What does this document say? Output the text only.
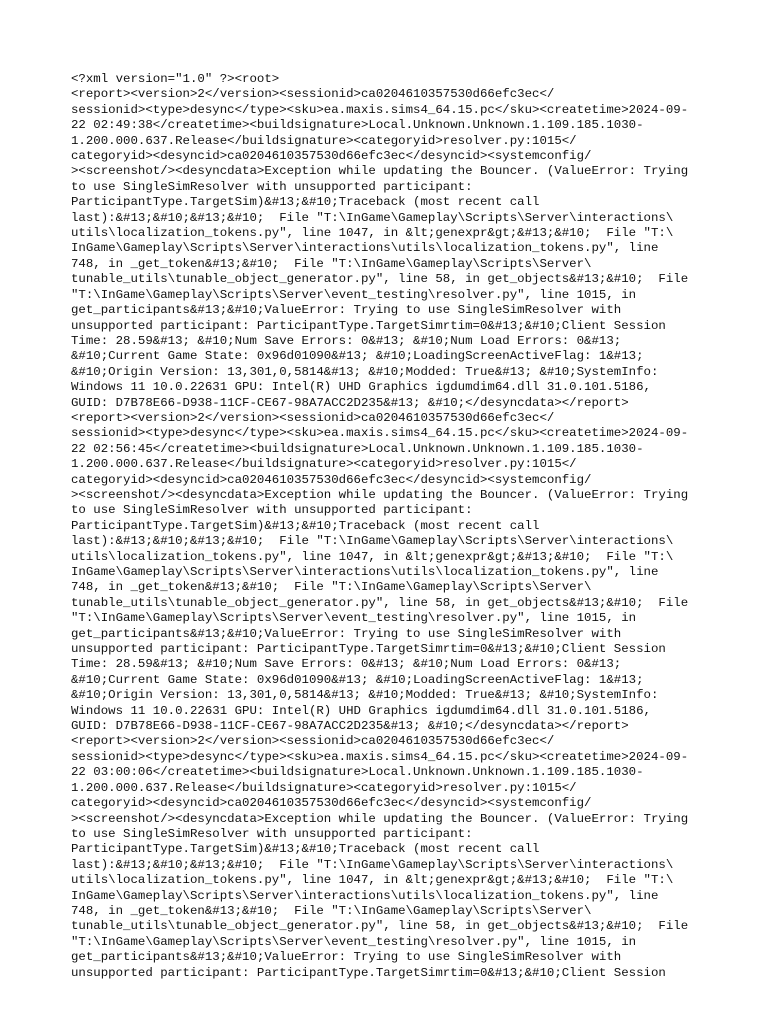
<?xml version="1.0" ?><root>
<report><version>2</version><sessionid>ca0204610357530d66efc3ec</
sessionid><type>desync</type><sku>ea.maxis.sims4_64.15.pc</sku><createtime>2024-09-
22 02:49:38</createtime><buildsignature>Local.Unknown.Unknown.1.109.185.1030-
1.200.000.637.Release</buildsignature><categoryid>resolver.py:1015</
categoryid><desyncid>ca0204610357530d66efc3ec</desyncid><systemconfig/
><screenshot/><desyncdata>Exception while updating the Bouncer. (ValueError: Trying
to use SingleSimResolver with unsupported participant:
ParticipantType.TargetSim)&#13;&#10;Traceback (most recent call
last):&#13;&#10;&#13;&#10;  File "T:\InGame\Gameplay\Scripts\Server\interactions\
utils\localization_tokens.py", line 1047, in &lt;genexpr&gt;&#13;&#10;  File "T:\
InGame\Gameplay\Scripts\Server\interactions\utils\localization_tokens.py", line
748, in _get_token&#13;&#10;  File "T:\InGame\Gameplay\Scripts\Server\
tunable_utils\tunable_object_generator.py", line 58, in get_objects&#13;&#10;  File
"T:\InGame\Gameplay\Scripts\Server\event_testing\resolver.py", line 1015, in
get_participants&#13;&#10;ValueError: Trying to use SingleSimResolver with
unsupported participant: ParticipantType.TargetSimrtim=0&#13;&#10;Client Session
Time: 28.59&#13; &#10;Num Save Errors: 0&#13; &#10;Num Load Errors: 0&#13;
&#10;Current Game State: 0x96d01090&#13; &#10;LoadingScreenActiveFlag: 1&#13;
&#10;Origin Version: 13,301,0,5814&#13; &#10;Modded: True&#13; &#10;SystemInfo:
Windows 11 10.0.22631 GPU: Intel(R) UHD Graphics igdumdim64.dll 31.0.101.5186,
GUID: D7B78E66-D938-11CF-CE67-98A7ACC2D235&#13; &#10;</desyncdata></report>
<report><version>2</version><sessionid>ca0204610357530d66efc3ec</
sessionid><type>desync</type><sku>ea.maxis.sims4_64.15.pc</sku><createtime>2024-09-
22 02:56:45</createtime><buildsignature>Local.Unknown.Unknown.1.109.185.1030-
1.200.000.637.Release</buildsignature><categoryid>resolver.py:1015</
categoryid><desyncid>ca0204610357530d66efc3ec</desyncid><systemconfig/
><screenshot/><desyncdata>Exception while updating the Bouncer. (ValueError: Trying
to use SingleSimResolver with unsupported participant:
ParticipantType.TargetSim)&#13;&#10;Traceback (most recent call
last):&#13;&#10;&#13;&#10;  File "T:\InGame\Gameplay\Scripts\Server\interactions\
utils\localization_tokens.py", line 1047, in &lt;genexpr&gt;&#13;&#10;  File "T:\
InGame\Gameplay\Scripts\Server\interactions\utils\localization_tokens.py", line
748, in _get_token&#13;&#10;  File "T:\InGame\Gameplay\Scripts\Server\
tunable_utils\tunable_object_generator.py", line 58, in get_objects&#13;&#10;  File
"T:\InGame\Gameplay\Scripts\Server\event_testing\resolver.py", line 1015, in
get_participants&#13;&#10;ValueError: Trying to use SingleSimResolver with
unsupported participant: ParticipantType.TargetSimrtim=0&#13;&#10;Client Session
Time: 28.59&#13; &#10;Num Save Errors: 0&#13; &#10;Num Load Errors: 0&#13;
&#10;Current Game State: 0x96d01090&#13; &#10;LoadingScreenActiveFlag: 1&#13;
&#10;Origin Version: 13,301,0,5814&#13; &#10;Modded: True&#13; &#10;SystemInfo:
Windows 11 10.0.22631 GPU: Intel(R) UHD Graphics igdumdim64.dll 31.0.101.5186,
GUID: D7B78E66-D938-11CF-CE67-98A7ACC2D235&#13; &#10;</desyncdata></report>
<report><version>2</version><sessionid>ca0204610357530d66efc3ec</
sessionid><type>desync</type><sku>ea.maxis.sims4_64.15.pc</sku><createtime>2024-09-
22 03:00:06</createtime><buildsignature>Local.Unknown.Unknown.1.109.185.1030-
1.200.000.637.Release</buildsignature><categoryid>resolver.py:1015</
categoryid><desyncid>ca0204610357530d66efc3ec</desyncid><systemconfig/
><screenshot/><desyncdata>Exception while updating the Bouncer. (ValueError: Trying
to use SingleSimResolver with unsupported participant:
ParticipantType.TargetSim)&#13;&#10;Traceback (most recent call
last):&#13;&#10;&#13;&#10;  File "T:\InGame\Gameplay\Scripts\Server\interactions\
utils\localization_tokens.py", line 1047, in &lt;genexpr&gt;&#13;&#10;  File "T:\
InGame\Gameplay\Scripts\Server\interactions\utils\localization_tokens.py", line
748, in _get_token&#13;&#10;  File "T:\InGame\Gameplay\Scripts\Server\
tunable_utils\tunable_object_generator.py", line 58, in get_objects&#13;&#10;  File
"T:\InGame\Gameplay\Scripts\Server\event_testing\resolver.py", line 1015, in
get_participants&#13;&#10;ValueError: Trying to use SingleSimResolver with
unsupported participant: ParticipantType.TargetSimrtim=0&#13;&#10;Client Session
